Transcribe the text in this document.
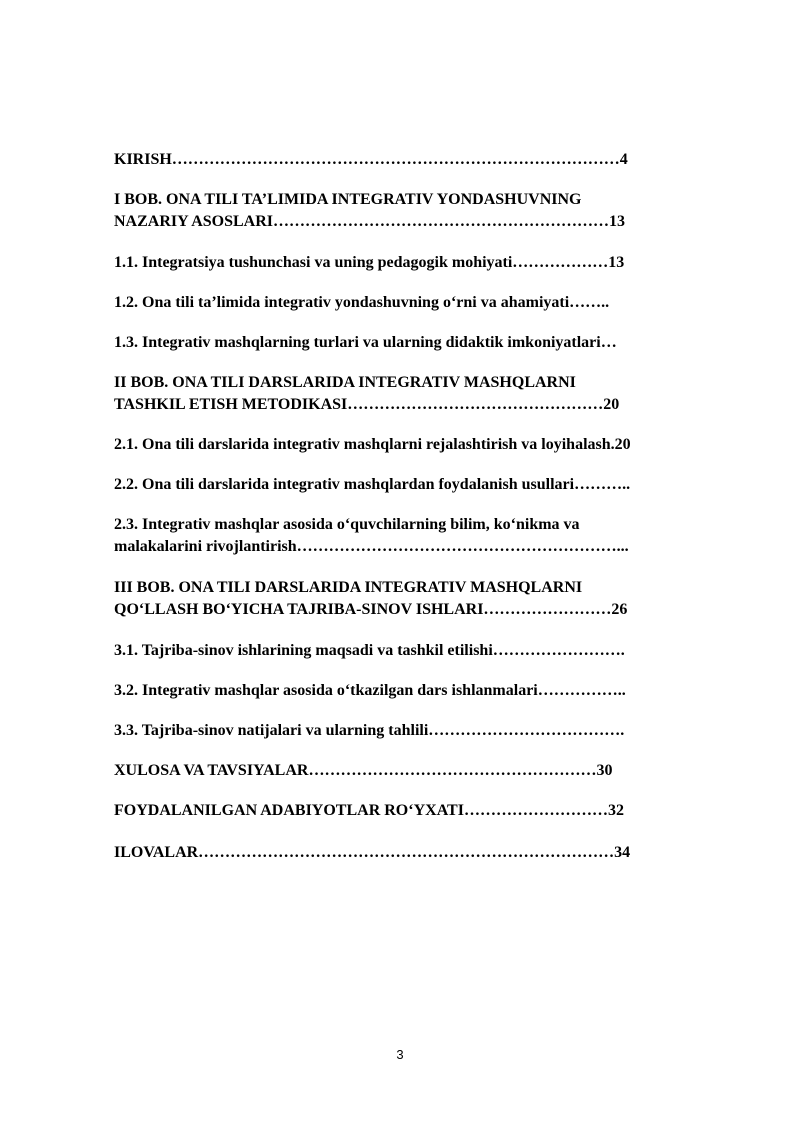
KIRISH…………………………………………………………………………4
I BOB. ONA TILI TA’LIMIDA INTEGRATIV YONDASHUVNING
NAZARIY ASOSLARI………………………………………………………13
1.1. Integratsiya tushunchasi va uning pedagogik mohiyati………………13
1.2. Ona tili ta’limida integrativ yondashuvning o‘rni va ahamiyati……..
1.3. Integrativ mashqlarning turlari va ularning didaktik imkoniyatlari…
II BOB. ONA TILI DARSLARIDA INTEGRATIV MASHQLARNI
TASHKIL ETISH METODIKASI…………………………………………20
2.1. Ona tili darslarida integrativ mashqlarni rejalashtirish va loyihalash.20
2.2. Ona tili darslarida integrativ mashqlardan foydalanish usullari………..
2.3. Integrativ mashqlar asosida o‘quvchilarning bilim, ko‘nikma va
malakalarini rivojlantirish……………………………………………………...
III BOB. ONA TILI DARSLARIDA INTEGRATIV MASHQLARNI
QO‘LLASH BO‘YICHA TAJRIBA-SINOV ISHLARI……………………26
3.1. Tajriba-sinov ishlarining maqsadi va tashkil etilishi…………………….
3.2. Integrativ mashqlar asosida o‘tkazilgan dars ishlanmalari……………..
3.3. Tajriba-sinov natijalari va ularning tahlili……………………………….
XULOSA VA TAVSIYALAR………………………………………………30
FOYDALANILGAN ADABIYOTLAR RO‘YXATI………………………32
ILOVALAR……………………………………………………………………34
3
